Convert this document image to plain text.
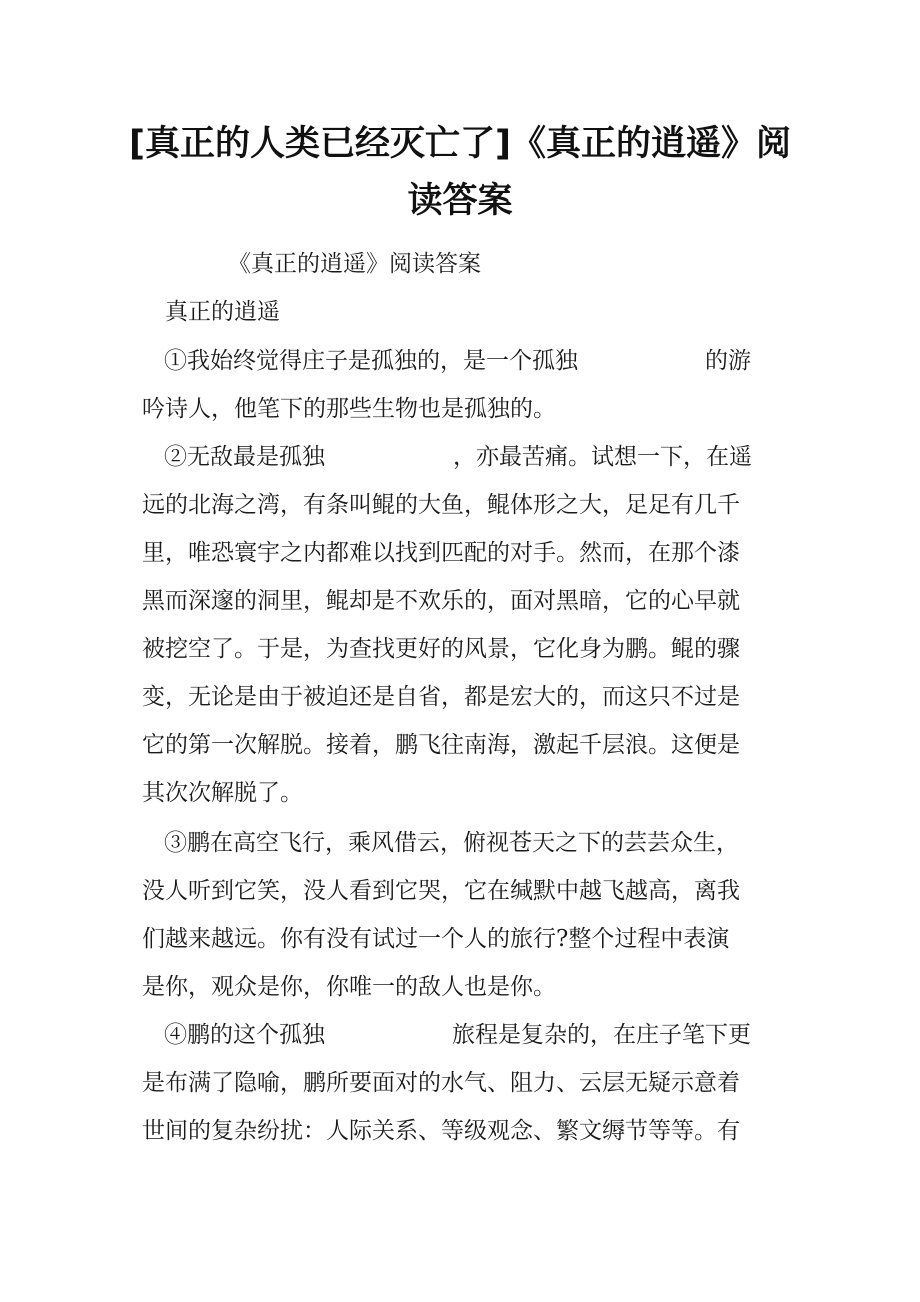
[真正的人类已经灭亡了]《真正的逍遥》阅
读答案
《真正的逍遥》阅读答案
真正的逍遥
①我始终觉得庄子是孤独的，是一个孤独	的游
吟诗人，他笔下的那些生物也是孤独的。
②无敌最是孤独	，亦最苦痛。试想一下，在遥
远的北海之湾，有条叫鲲的大鱼，鲲体形之大，足足有几千
里，唯恐寰宇之内都难以找到匹配的对手。然而，在那个漆
黑而深邃的洞里，鲲却是不欢乐的，面对黑暗，它的心早就
被挖空了。于是，为查找更好的风景，它化身为鹏。鲲的骤
变，无论是由于被迫还是自省，都是宏大的，而这只不过是
它的第一次解脱。接着，鹏飞往南海，激起千层浪。这便是
其次次解脱了。
③鹏在高空飞行，乘风借云，俯视苍天之下的芸芸众生，
没人听到它笑，没人看到它哭，它在缄默中越飞越高，离我
们越来越远。你有没有试过一个人的旅行?整个过程中表演
是你，观众是你，你唯一的敌人也是你。
④鹏的这个孤独	旅程是复杂的，在庄子笔下更
是布满了隐喻，鹏所要面对的水气、阻力、云层无疑示意着
世间的复杂纷扰：人际关系、等级观念、繁文缛节等等。有
